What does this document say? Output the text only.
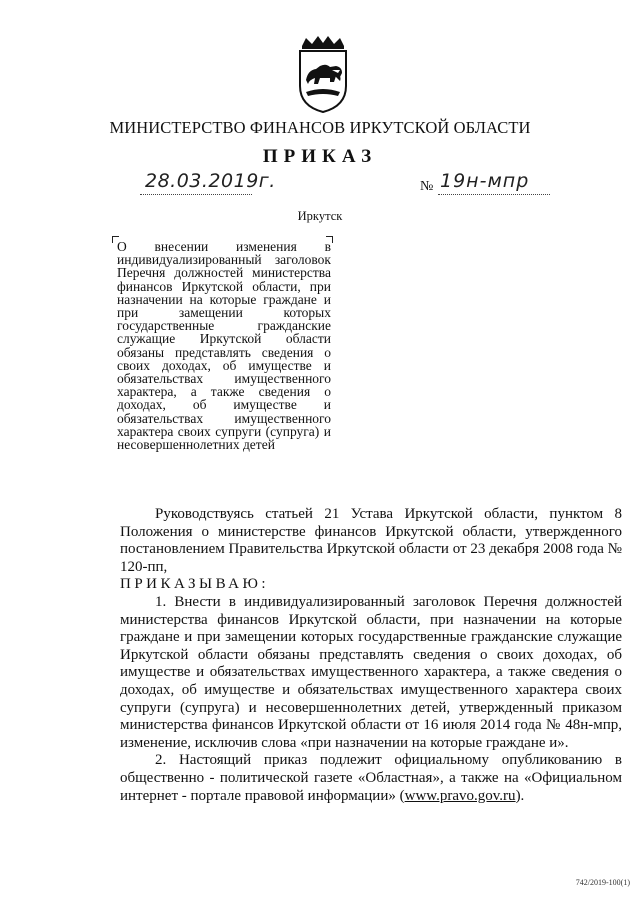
МИНИСТЕРСТВО ФИНАНСОВ ИРКУТСКОЙ ОБЛАСТИ
ПРИКАЗ
28.03.2019г.	№ 19н-мпр
Иркутск
О внесении изменения в индивидуализированный заголовок Перечня должностей министерства финансов Иркутской области, при назначении на которые граждане и при замещении которых государственные гражданские служащие Иркутской области обязаны представлять сведения о своих доходах, об имуществе и обязательствах имущественного характера, а также сведения о доходах, об имуществе и обязательствах имущественного характера своих супруги (супруга) и несовершеннолетних детей

Руководствуясь статьей 21 Устава Иркутской области, пунктом 8 Положения о министерстве финансов Иркутской области, утвержденного постановлением Правительства Иркутской области от 23 декабря 2008 года № 120-пп,

ПРИКАЗЫВАЮ:

1. Внести в индивидуализированный заголовок Перечня должностей министерства финансов Иркутской области, при назначении на которые граждане и при замещении которых государственные гражданские служащие Иркутской области обязаны представлять сведения о своих доходах, об имуществе и обязательствах имущественного характера, а также сведения о доходах, об имуществе и обязательствах имущественного характера своих супруги (супруга) и несовершеннолетних детей, утвержденный приказом министерства финансов Иркутской области от 16 июля 2014 года № 48н-мпр, изменение, исключив слова «при назначении на которые граждане и».

2. Настоящий приказ подлежит официальному опубликованию в общественно - политической газете «Областная», а также на «Официальном интернет - портале правовой информации» (www.pravo.gov.ru).

742/2019-100(1)
